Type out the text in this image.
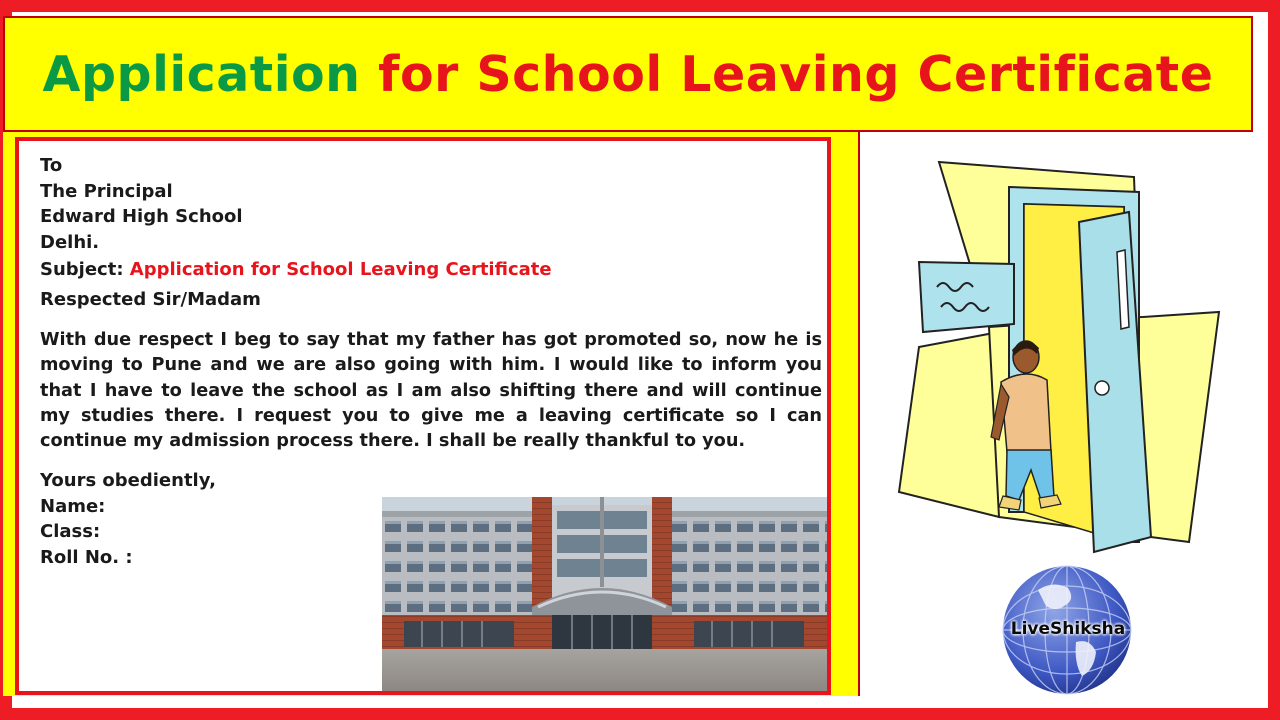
Application for School Leaving Certificate
To
The Principal
Edward High School
Delhi.
Subject: Application for School Leaving Certificate
Respected Sir/Madam
With due respect I beg to say that my father has got promoted so, now he is moving to Pune and we are also going with him. I would like to inform you that I have to leave the school as I am also shifting there and will continue my studies there. I request you to give me a leaving certificate so I can continue my admission process there. I shall be really thankful to you.
Yours obediently,
Name:
Class:
Roll No. :
LiveShiksha
